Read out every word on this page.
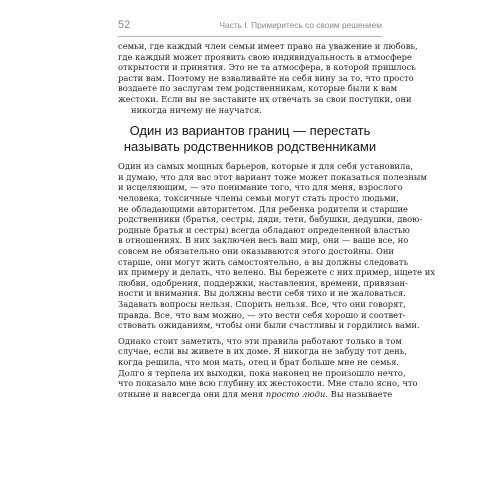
52	Часть I. Примиритесь со своим решением
семьи, где каждый член семьи имеет право на уважение и любовь,
где каждый может проявить свою индивидуальность в атмосфере
открытости и принятия. Это не та атмосфера, в которой пришлось
расти вам. Поэтому не взваливайте на себя вину за то, что просто
воздаете по заслугам тем родственникам, которые были к вам
жестоки. Если вы не заставите их отвечать за свои поступки, они
никогда ничему не научатся.
Один из вариантов границ — перестать
называть родственников родственниками
Один из самых мощных барьеров, которые я для себя установила,
и думаю, что для вас этот вариант тоже может показаться полезным
и исцеляющим, — это понимание того, что для меня, взрослого
человека, токсичные члены семьи могут стать просто людьми,
не обладающими авторитетом. Для ребенка родители и старшие
родственники (братья, сестры, дяди, тети, бабушки, дедушки, двою-
родные братья и сестры) всегда обладают определенной властью
в отношениях. В них заключен весь ваш мир, они — ваше все, но
совсем не обязательно они оказываются этого достойны. Они
старше, они могут жить самостоятельно, а вы должны следовать
их примеру и делать, что велено. Вы бережете с них пример, ищете их
любви, одобрения, поддержки, наставления, времени, привязан-
ности и внимания. Вы должны вести себя тихо и не жаловаться.
Задавать вопросы нельзя. Спорить нельзя. Все, что они говорят,
правда. Все, что вам можно, — это вести себя хорошо и соответ-
ствовать ожиданиям, чтобы они были счастливы и гордились вами.
Однако стоит заметить, что эти правила работают только в том
случае, если вы живете в их доме. Я никогда не забуду тот день,
когда решила, что мои мать, отец и брат больше мне не семья.
Долго я терпела их выходки, пока наконец не произошло нечто,
что показало мне всю глубину их жестокости. Мне стало ясно, что
отныне и навсегда они для меня просто люди. Вы называете
